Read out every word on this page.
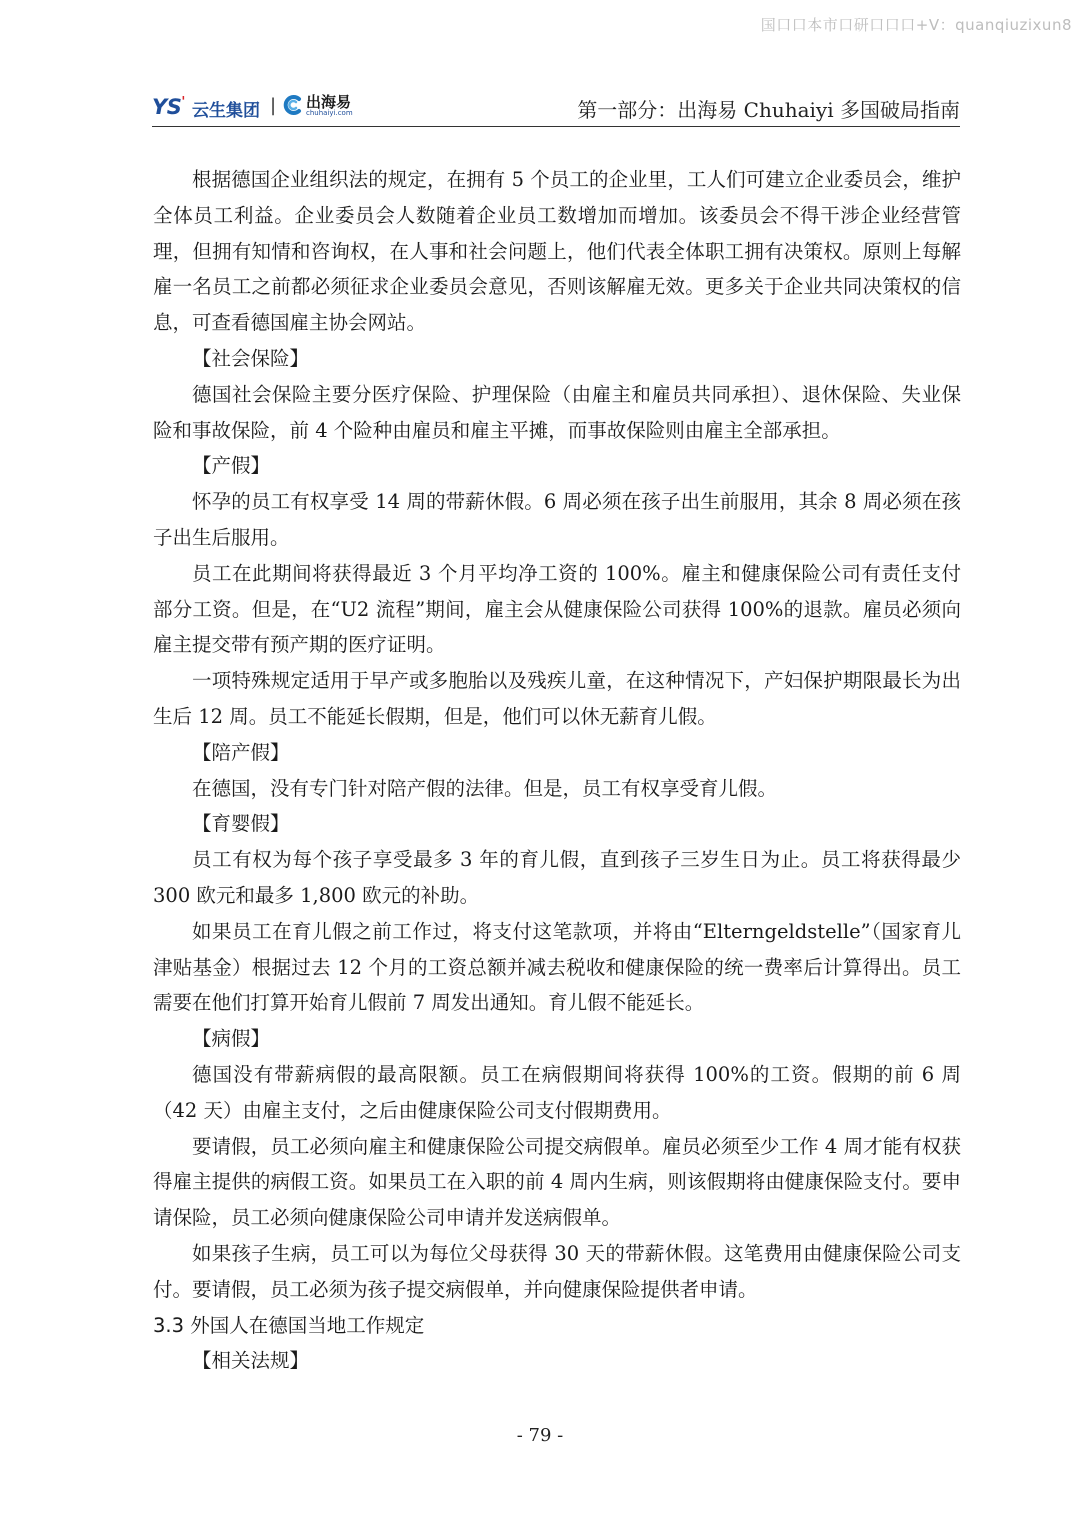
国口口本市口研口口口+V：quanqiuzixun8
YS' 云生集团 | 出海易
chuhaiyi.com	第一部分：出海易 Chuhaiyi 多国破局指南

根据德国企业组织法的规定，在拥有 5 个员工的企业里，工人们可建立企业委员会，维护全体员工利益。企业委员会人数随着企业员工数增加而增加。该委员会不得干涉企业经营管理，但拥有知情和咨询权，在人事和社会问题上，他们代表全体职工拥有决策权。原则上每解雇一名员工之前都必须征求企业委员会意见，否则该解雇无效。更多关于企业共同决策权的信息，可查看德国雇主协会网站。

【社会保险】

德国社会保险主要分医疗保险、护理保险（由雇主和雇员共同承担）、退休保险、失业保险和事故保险，前 4 个险种由雇员和雇主平摊，而事故保险则由雇主全部承担。

【产假】

怀孕的员工有权享受 14 周的带薪休假。6 周必须在孩子出生前服用，其余 8 周必须在孩子出生后服用。

员工在此期间将获得最近 3 个月平均净工资的 100%。雇主和健康保险公司有责任支付部分工资。但是，在“U2 流程”期间，雇主会从健康保险公司获得 100%的退款。雇员必须向雇主提交带有预产期的医疗证明。

一项特殊规定适用于早产或多胞胎以及残疾儿童，在这种情况下，产妇保护期限最长为出生后 12 周。员工不能延长假期，但是，他们可以休无薪育儿假。

【陪产假】

在德国，没有专门针对陪产假的法律。但是，员工有权享受育儿假。

【育婴假】

员工有权为每个孩子享受最多 3 年的育儿假，直到孩子三岁生日为止。员工将获得最少 300 欧元和最多 1,800 欧元的补助。

如果员工在育儿假之前工作过，将支付这笔款项，并将由“Elterngeldstelle”（国家育儿津贴基金）根据过去 12 个月的工资总额并减去税收和健康保险的统一费率后计算得出。员工需要在他们打算开始育儿假前 7 周发出通知。育儿假不能延长。

【病假】

德国没有带薪病假的最高限额。员工在病假期间将获得 100%的工资。假期的前 6 周（42 天）由雇主支付，之后由健康保险公司支付假期费用。

要请假，员工必须向雇主和健康保险公司提交病假单。雇员必须至少工作 4 周才能有权获得雇主提供的病假工资。如果员工在入职的前 4 周内生病，则该假期将由健康保险支付。要申请保险，员工必须向健康保险公司申请并发送病假单。

如果孩子生病，员工可以为每位父母获得 30 天的带薪休假。这笔费用由健康保险公司支付。要请假，员工必须为孩子提交病假单，并向健康保险提供者申请。

3.3 外国人在德国当地工作规定

【相关法规】

- 79 -
